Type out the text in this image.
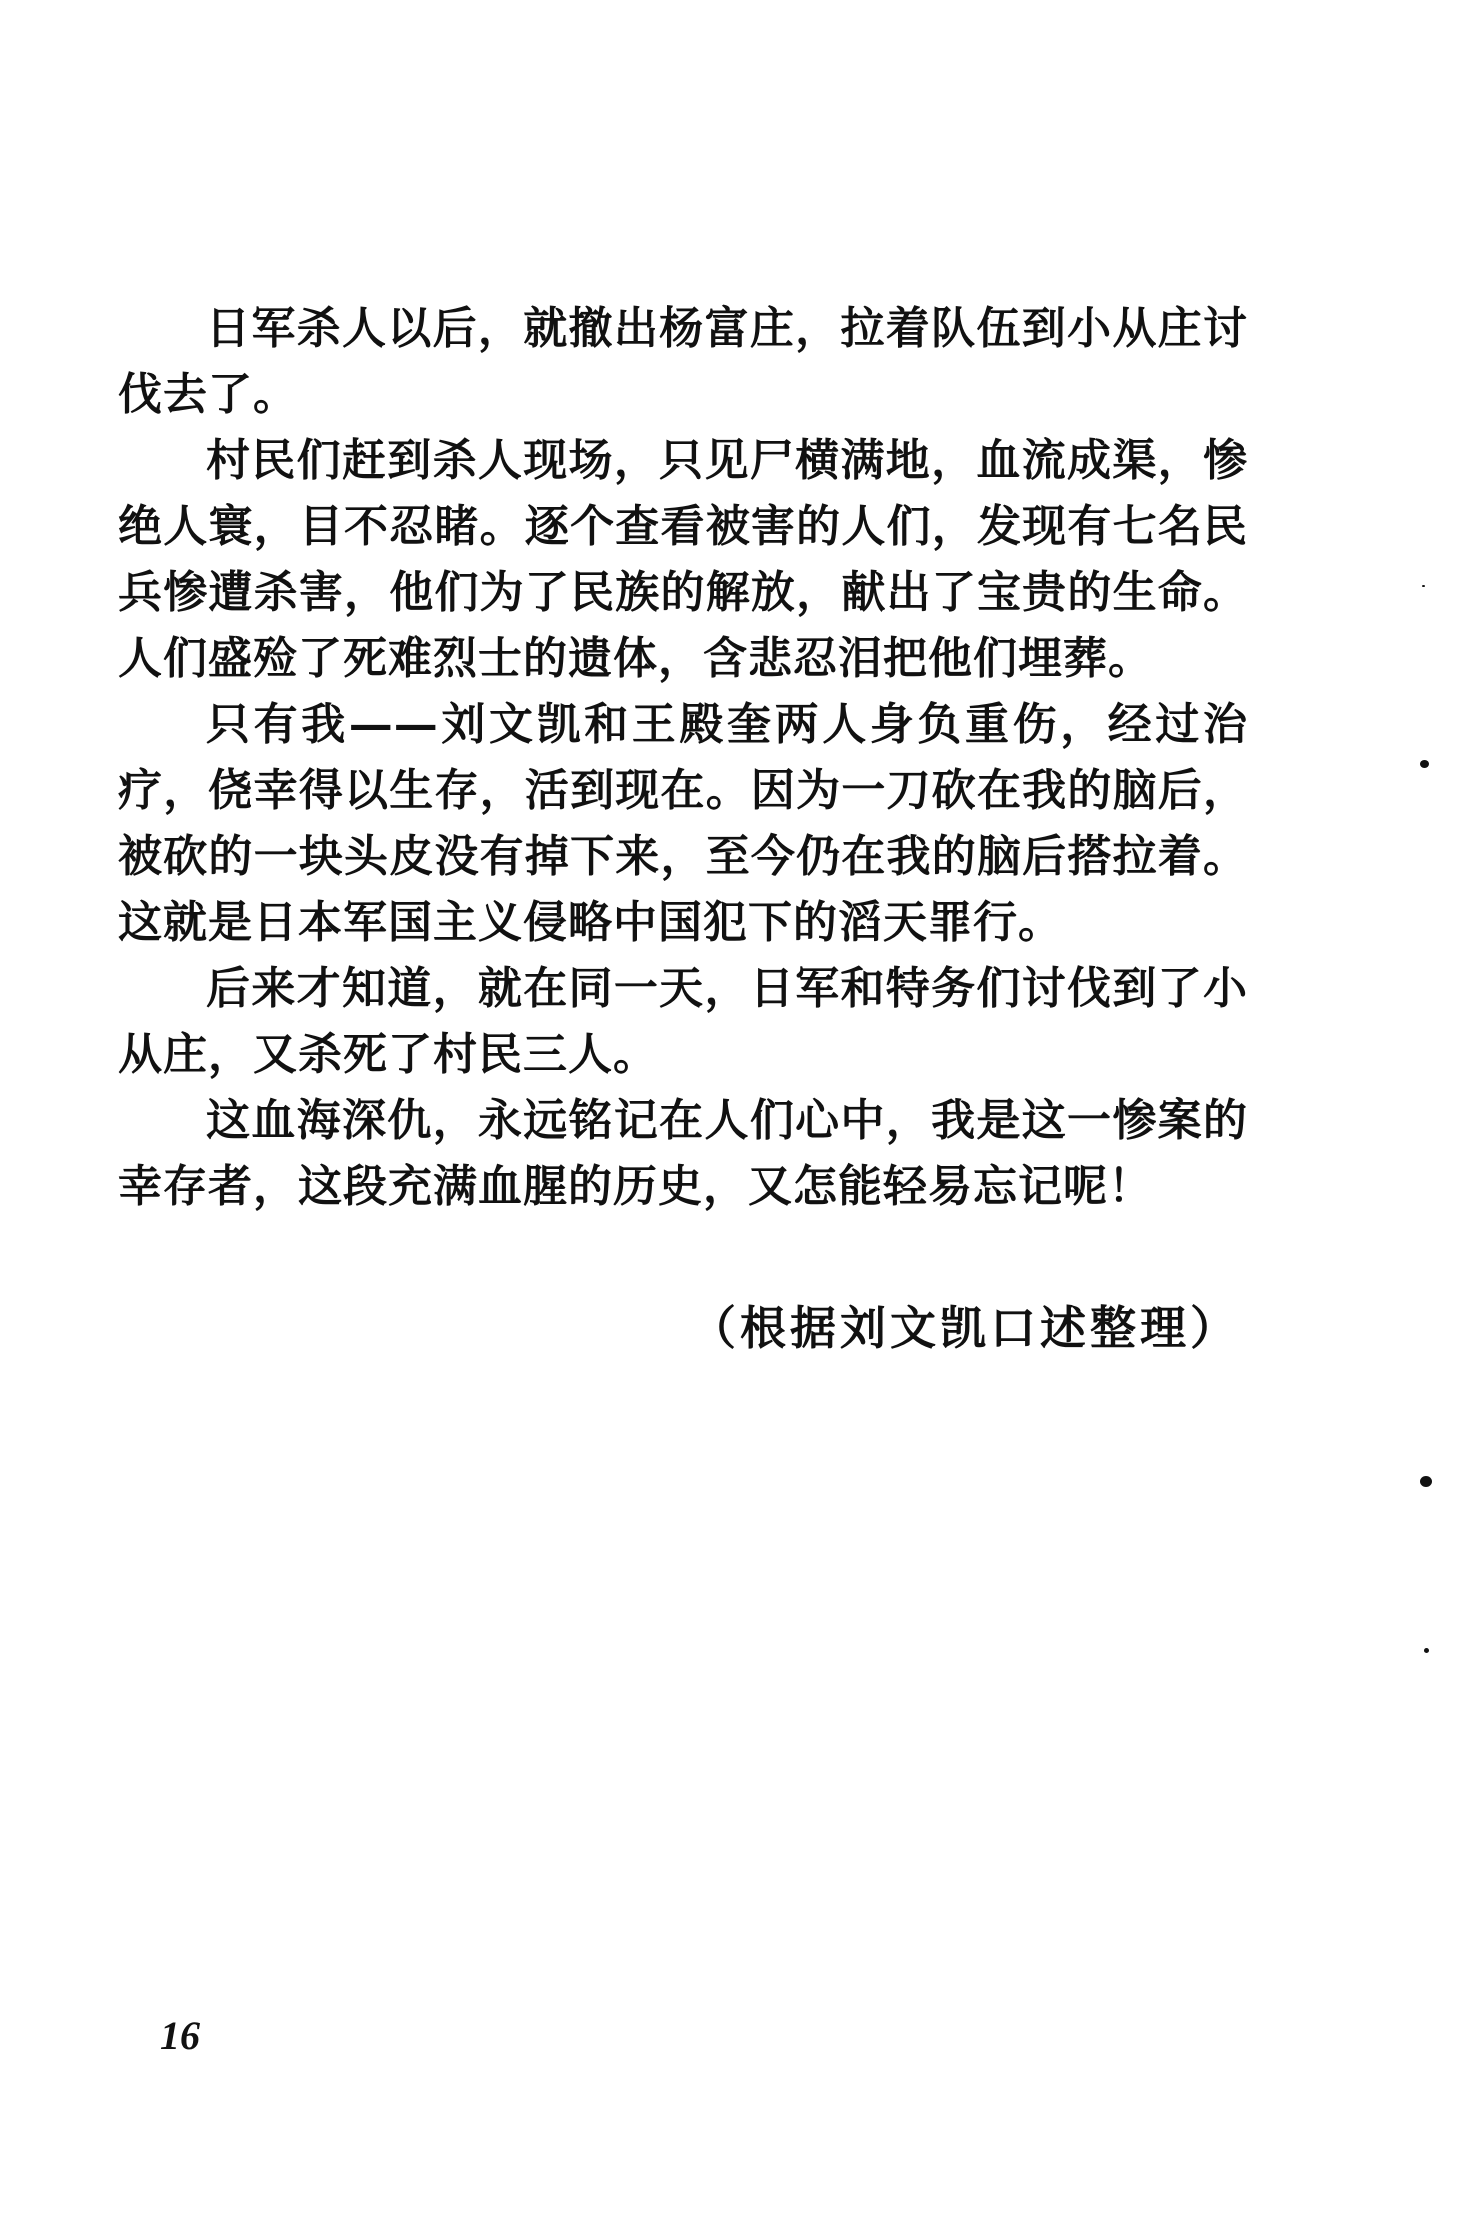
日军杀人以后，就撤出杨富庄，拉着队伍到小从庄讨伐去了。

村民们赶到杀人现场，只见尸横满地，血流成渠，惨绝人寰，目不忍睹。逐个查看被害的人们，发现有七名民兵惨遭杀害，他们为了民族的解放，献出了宝贵的生命。人们盛殓了死难烈士的遗体，含悲忍泪把他们埋葬。

只有我——刘文凯和王殿奎两人身负重伤，经过治疗，侥幸得以生存，活到现在。因为一刀砍在我的脑后，被砍的一块头皮没有掉下来，至今仍在我的脑后搭拉着。这就是日本军国主义侵略中国犯下的滔天罪行。

后来才知道，就在同一天，日军和特务们讨伐到了小从庄，又杀死了村民三人。

这血海深仇，永远铭记在人们心中，我是这一惨案的幸存者，这段充满血腥的历史，又怎能轻易忘记呢！

（根据刘文凯口述整理）
16
